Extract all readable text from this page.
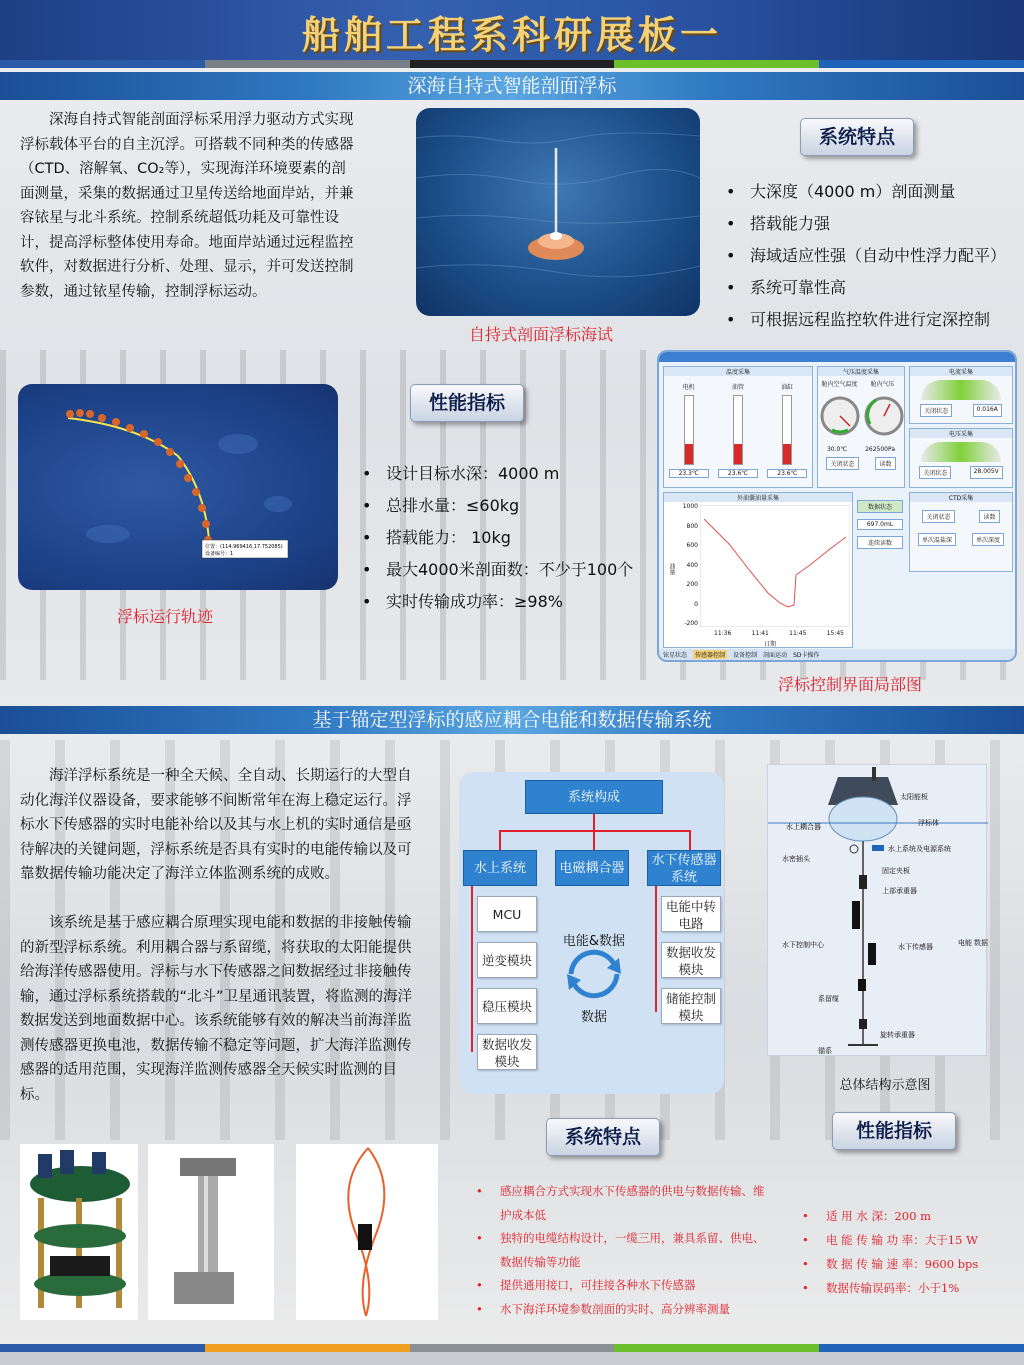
船舶工程系科研展板一
深海自持式智能剖面浮标
深海自持式智能剖面浮标采用浮力驱动方式实现浮标载体平台的自主沉浮。可搭载不同种类的传感器（CTD、溶解氧、CO₂等），实现海洋环境要素的剖面测量，采集的数据通过卫星传送给地面岸站，并兼容铱星与北斗系统。控制系统超低功耗及可靠性设计，提高浮标整体使用寿命。地面岸站通过远程监控软件，对数据进行分析、处理、显示，并可发送控制参数，通过铱星传输，控制浮标运动。
自持式剖面浮标海试
系统特点
• 大深度（4000 m）剖面测量
• 搭载能力强
• 海域适应性强（自动中性浮力配平）
• 系统可靠性高
• 可根据远程监控软件进行定深控制
位置：(114.969416,17.752085)
设备编号：1
浮标运行轨迹
性能指标
• 设计目标水深：4000 m
• 总排水量：≤60kg
• 搭载能力： 10kg
• 最大4000米剖面数：不少于100个
• 实时传输成功率：≥98%
温度采集
电机
23.3℃
油管
23.6℃
油缸
23.6℃
气压温度采集
舱内空气温度	舱内气压
30.0℃	262500Pa
关闭状态	读数
电流采集
关闭状态	0.016A
电压采集
关闭状态	28.005V
外油囊油量采集
油量
1000
800
600
400
200
0
-200
11:36	11:41	11:45	15:45
日期
数据状态
697.0mL
连续读数
CTD采集
关闭状态	读数
单次温盐深	单次深度
铱星状态	传感器控制	设备控制 剖面运动 SD卡操作
浮标控制界面局部图
基于锚定型浮标的感应耦合电能和数据传输系统
海洋浮标系统是一种全天候、全自动、长期运行的大型自动化海洋仪器设备，要求能够不间断常年在海上稳定运行。浮标水下传感器的实时电能补给以及其与水上机的实时通信是亟待解决的关键问题，浮标系统是否具有实时的电能传输以及可靠数据传输功能决定了海洋立体监测系统的成败。
该系统是基于感应耦合原理实现电能和数据的非接触传输的新型浮标系统。利用耦合器与系留缆，将获取的太阳能提供给海洋传感器使用。浮标与水下传感器之间数据经过非接触传输，通过浮标系统搭载的“北斗”卫星通讯装置，将监测的海洋数据发送到地面数据中心。该系统能够有效的解决当前海洋监测传感器更换电池，数据传输不稳定等问题，扩大海洋监测传感器的适用范围，实现海洋监测传感器全天候实时监测的目标。
系统构成
水上系统	电磁耦合器
水下传感器系统
MCU
逆变模块
稳压模块
数据收发模块
电能中转电路
数据收发模块
储能控制模块
电能&数据
数据
太阳能板
水上耦合器	浮标体
水上系统及电源系统
水密插头
固定夹板
上部承重器
水下控制中心	水下传感器	电能 数据
系留缆
旋转承重器
锚系
总体结构示意图
系统特点	性能指标
• 感应耦合方式实现水下传感器的供电与数据传输、维护成本低
• 独特的电缆结构设计，一缆三用，兼具系留、供电、数据传输等功能
• 提供通用接口，可挂接各种水下传感器
• 水下海洋环境参数剖面的实时、高分辨率测量
• 适 用 水 深：200 m
• 电 能 传 输 功 率：大于15 W
• 数 据 传 输 速 率：9600 bps
• 数据传输误码率：小于1%
